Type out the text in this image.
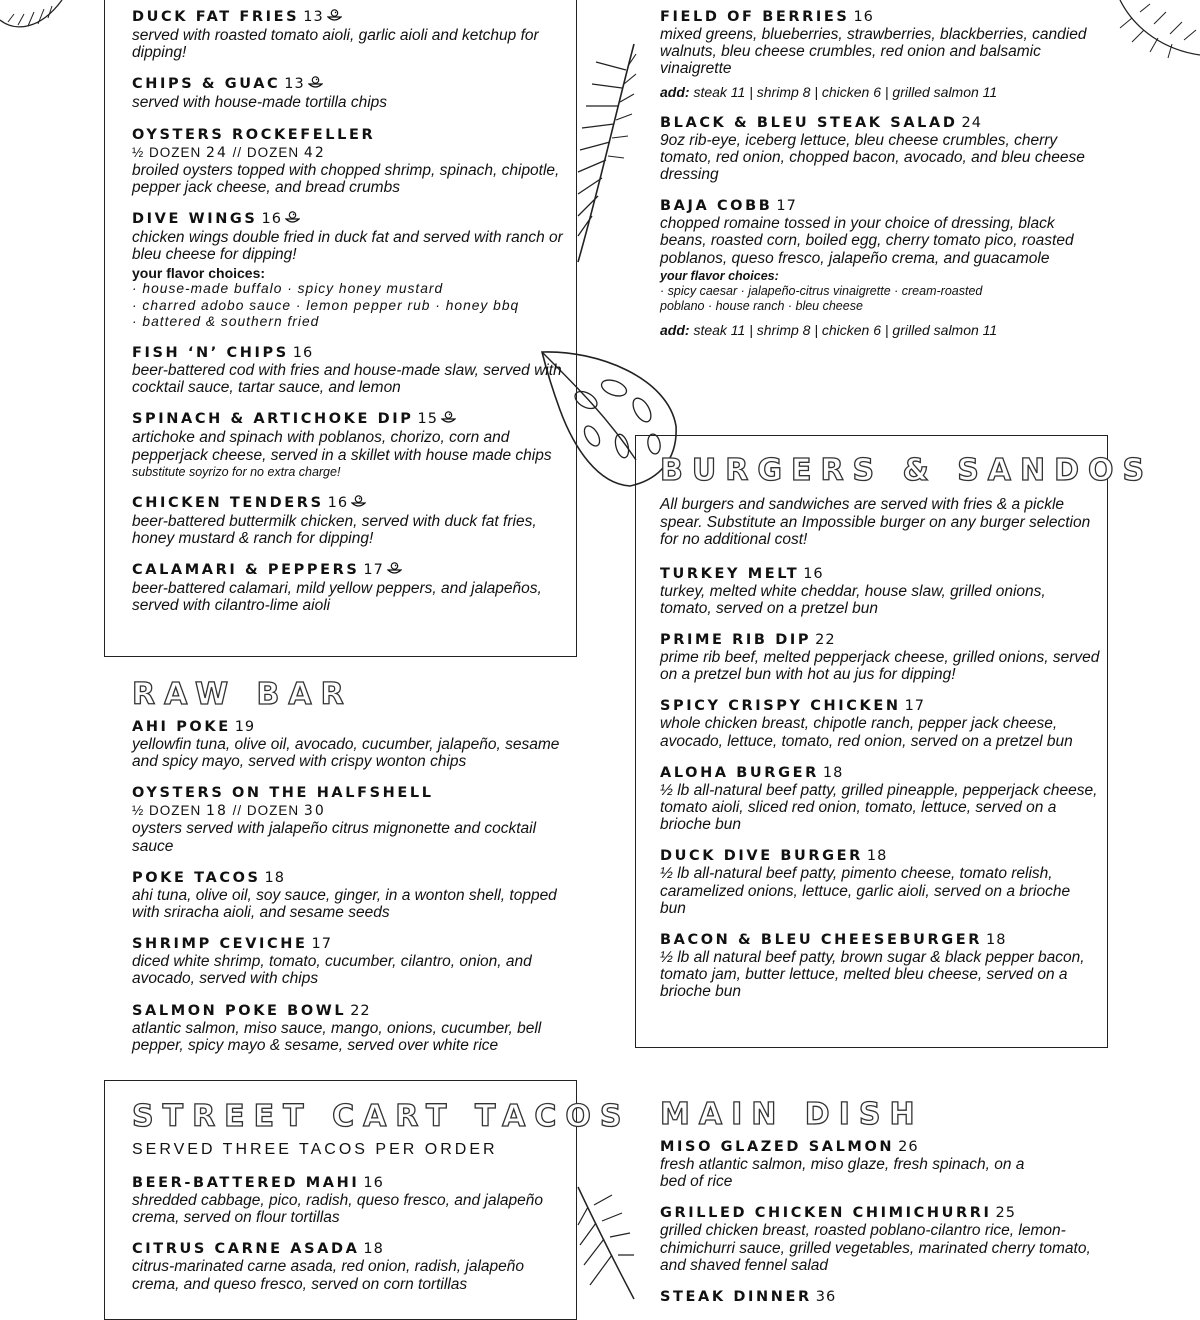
DUCK FAT FRIES 13
served with roasted tomato aioli, garlic aioli and ketchup for dipping!
CHIPS & GUAC 13
served with house-made tortilla chips
OYSTERS ROCKEFELLER
½ DOZEN 24 // DOZEN 42
broiled oysters topped with chopped shrimp, spinach, chipotle, pepper jack cheese, and bread crumbs
DIVE WINGS 16
chicken wings double fried in duck fat and served with ranch or bleu cheese for dipping!
your flavor choices:
· house-made buffalo · spicy honey mustard
· charred adobo sauce · lemon pepper rub · honey bbq
· battered & southern fried
FISH ‘N’ CHIPS 16
beer-battered cod with fries and house-made slaw, served with cocktail sauce, tartar sauce, and lemon
SPINACH & ARTICHOKE DIP 15
artichoke and spinach with poblanos, chorizo, corn and pepperjack cheese, served in a skillet with house made chips
substitute soyrizo for no extra charge!
CHICKEN TENDERS 16
beer-battered buttermilk chicken, served with duck fat fries, honey mustard & ranch for dipping!
CALAMARI & PEPPERS 17
beer-battered calamari, mild yellow peppers, and jalapeños, served with cilantro-lime aioli
RAW BAR
AHI POKE 19
yellowfin tuna, olive oil, avocado, cucumber, jalapeño, sesame and spicy mayo, served with crispy wonton chips
OYSTERS ON THE HALFSHELL
½ DOZEN 18 // DOZEN 30
oysters served with jalapeño citrus mignonette and cocktail sauce
POKE TACOS 18
ahi tuna, olive oil, soy sauce, ginger, in a wonton shell, topped with sriracha aioli, and sesame seeds
SHRIMP CEVICHE 17
diced white shrimp, tomato, cucumber, cilantro, onion, and avocado, served with chips
SALMON POKE BOWL 22
atlantic salmon, miso sauce, mango, onions, cucumber, bell pepper, spicy mayo & sesame, served over white rice
STREET CART TACOS
SERVED THREE TACOS PER ORDER
BEER-BATTERED MAHI 16
shredded cabbage, pico, radish, queso fresco, and jalapeño crema, served on flour tortillas
CITRUS CARNE ASADA 18
citrus-marinated carne asada, red onion, radish, jalapeño crema, and queso fresco, served on corn tortillas
FIELD OF BERRIES 16
mixed greens, blueberries, strawberries, blackberries, candied walnuts, bleu cheese crumbles, red onion and balsamic vinaigrette
add: steak 11 | shrimp 8 | chicken 6 | grilled salmon 11
BLACK & BLEU STEAK SALAD 24
9oz rib-eye, iceberg lettuce, bleu cheese crumbles, cherry tomato, red onion, chopped bacon, avocado, and bleu cheese dressing
BAJA COBB 17
chopped romaine tossed in your choice of dressing, black beans, roasted corn, boiled egg, cherry tomato pico, roasted poblanos, queso fresco, jalapeño crema, and guacamole
your flavor choices:
· spicy caesar · jalapeño-citrus vinaigrette · cream-roasted
poblano · house ranch · bleu cheese
add: steak 11 | shrimp 8 | chicken 6 | grilled salmon 11
BURGERS & SANDOS
All burgers and sandwiches are served with fries & a pickle spear. Substitute an Impossible burger on any burger selection for no additional cost!
TURKEY MELT 16
turkey, melted white cheddar, house slaw, grilled onions, tomato, served on a pretzel bun
PRIME RIB DIP 22
prime rib beef, melted pepperjack cheese, grilled onions, served on a pretzel bun with hot au jus for dipping!
SPICY CRISPY CHICKEN 17
whole chicken breast, chipotle ranch, pepper jack cheese, avocado, lettuce, tomato, red onion, served on a pretzel bun
ALOHA BURGER 18
½ lb all-natural beef patty, grilled pineapple, pepperjack cheese, tomato aioli, sliced red onion, tomato, lettuce, served on a brioche bun
DUCK DIVE BURGER 18
½ lb all-natural beef patty, pimento cheese, tomato relish, caramelized onions, lettuce, garlic aioli, served on a brioche bun
BACON & BLEU CHEESEBURGER 18
½ lb all natural beef patty, brown sugar & black pepper bacon, tomato jam, butter lettuce, melted bleu cheese, served on a brioche bun
MAIN DISH
MISO GLAZED SALMON 26
fresh atlantic salmon, miso glaze, fresh spinach, on a bed of rice
GRILLED CHICKEN CHIMICHURRI 25
grilled chicken breast, roasted poblano-cilantro rice, lemon-chimichurri sauce, grilled vegetables, marinated cherry tomato, and shaved fennel salad
STEAK DINNER 36
